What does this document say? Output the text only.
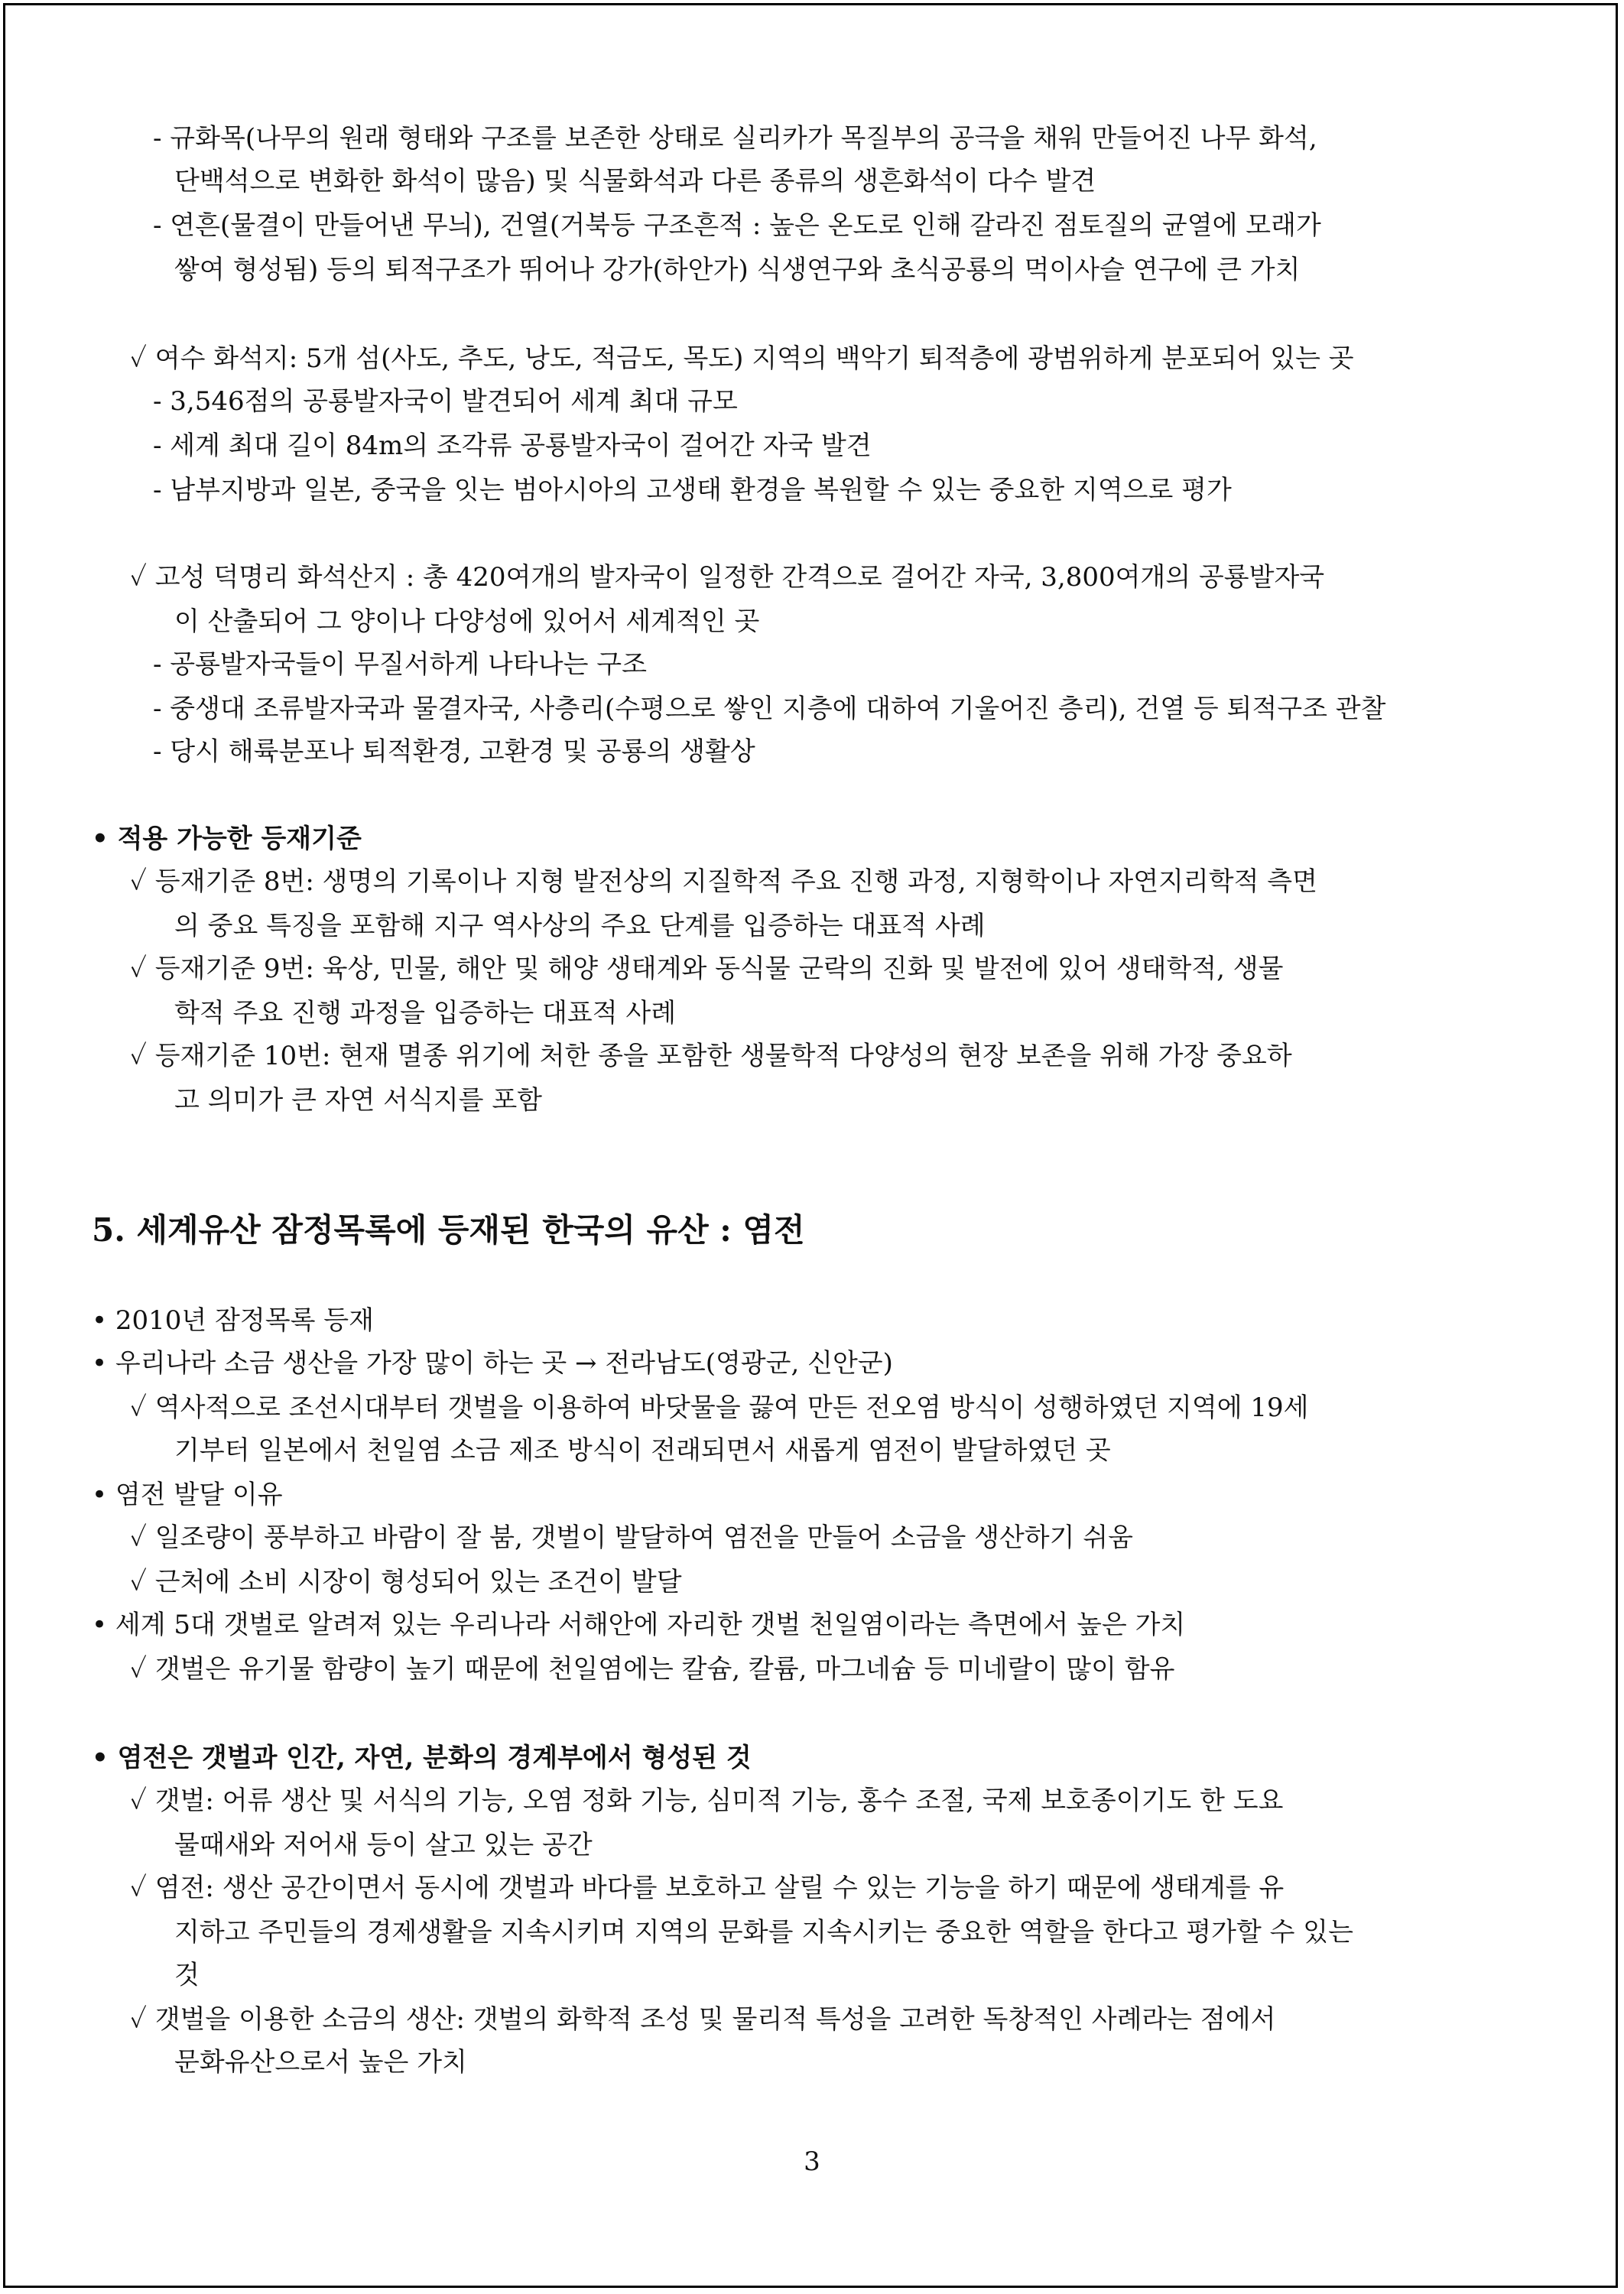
- 규화목(나무의 원래 형태와 구조를 보존한 상태로 실리카가 목질부의 공극을 채워 만들어진 나무 화석,
단백석으로 변화한 화석이 많음) 및 식물화석과 다른 종류의 생흔화석이 다수 발견
- 연흔(물결이 만들어낸 무늬), 건열(거북등 구조흔적 : 높은 온도로 인해 갈라진 점토질의 균열에 모래가
쌓여 형성됨) 등의 퇴적구조가 뛰어나 강가(하안가) 식생연구와 초식공룡의 먹이사슬 연구에 큰 가치
✓ 여수 화석지: 5개 섬(사도, 추도, 낭도, 적금도, 목도) 지역의 백악기 퇴적층에 광범위하게 분포되어 있는 곳
- 3,546점의 공룡발자국이 발견되어 세계 최대 규모
- 세계 최대 길이 84m의 조각류 공룡발자국이 걸어간 자국 발견
- 남부지방과 일본, 중국을 잇는 범아시아의 고생태 환경을 복원할 수 있는 중요한 지역으로 평가
✓ 고성 덕명리 화석산지 : 총 420여개의 발자국이 일정한 간격으로 걸어간 자국, 3,800여개의 공룡발자국
이 산출되어 그 양이나 다양성에 있어서 세계적인 곳
- 공룡발자국들이 무질서하게 나타나는 구조
- 중생대 조류발자국과 물결자국, 사층리(수평으로 쌓인 지층에 대하여 기울어진 층리), 건열 등 퇴적구조 관찰
- 당시 해륙분포나 퇴적환경, 고환경 및 공룡의 생활상
• 적용 가능한 등재기준
✓ 등재기준 8번: 생명의 기록이나 지형 발전상의 지질학적 주요 진행 과정, 지형학이나 자연지리학적 측면
의 중요 특징을 포함해 지구 역사상의 주요 단계를 입증하는 대표적 사례
✓ 등재기준 9번: 육상, 민물, 해안 및 해양 생태계와 동식물 군락의 진화 및 발전에 있어 생태학적, 생물
학적 주요 진행 과정을 입증하는 대표적 사례
✓ 등재기준 10번: 현재 멸종 위기에 처한 종을 포함한 생물학적 다양성의 현장 보존을 위해 가장 중요하
고 의미가 큰 자연 서식지를 포함
5. 세계유산 잠정목록에 등재된 한국의 유산 : 염전
• 2010년 잠정목록 등재
• 우리나라 소금 생산을 가장 많이 하는 곳 → 전라남도(영광군, 신안군)
✓ 역사적으로 조선시대부터 갯벌을 이용하여 바닷물을 끓여 만든 전오염 방식이 성행하였던 지역에 19세
기부터 일본에서 천일염 소금 제조 방식이 전래되면서 새롭게 염전이 발달하였던 곳
• 염전 발달 이유
✓ 일조량이 풍부하고 바람이 잘 붐, 갯벌이 발달하여 염전을 만들어 소금을 생산하기 쉬움
✓ 근처에 소비 시장이 형성되어 있는 조건이 발달
• 세계 5대 갯벌로 알려져 있는 우리나라 서해안에 자리한 갯벌 천일염이라는 측면에서 높은 가치
✓ 갯벌은 유기물 함량이 높기 때문에 천일염에는 칼슘, 칼륨, 마그네슘 등 미네랄이 많이 함유
• 염전은 갯벌과 인간, 자연, 분화의 경계부에서 형성된 것
✓ 갯벌: 어류 생산 및 서식의 기능, 오염 정화 기능, 심미적 기능, 홍수 조절, 국제 보호종이기도 한 도요
물때새와 저어새 등이 살고 있는 공간
✓ 염전: 생산 공간이면서 동시에 갯벌과 바다를 보호하고 살릴 수 있는 기능을 하기 때문에 생태계를 유
지하고 주민들의 경제생활을 지속시키며 지역의 문화를 지속시키는 중요한 역할을 한다고 평가할 수 있는
것
✓ 갯벌을 이용한 소금의 생산: 갯벌의 화학적 조성 및 물리적 특성을 고려한 독창적인 사례라는 점에서
문화유산으로서 높은 가치
3
